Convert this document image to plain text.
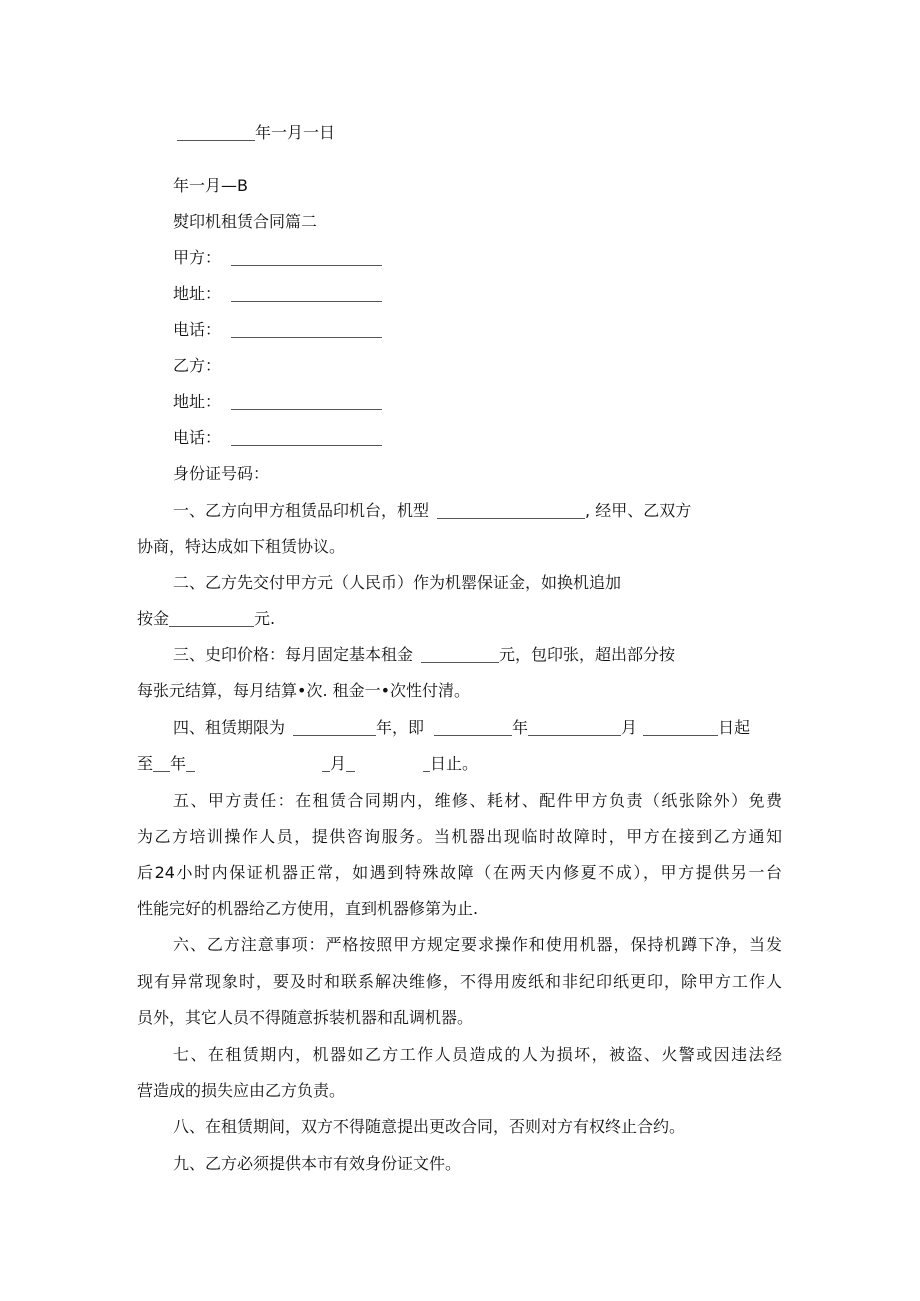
年一月一日
年一月—B
熨印机租赁合同篇二
甲方：
地址：
电话：
乙方：
地址：
电话：
身份证号码：
一、乙方向甲方租赁品印机台，机型	, 经甲、乙双方
协商，特达成如下租赁协议。
二、乙方先交付甲方元（人民币）作为机罂保证金，如换机追加
按金	元.
三、史印价格：每月固定基本租金	元，包印张，超出部分按
每张元结算，每月结算•次. 租金一•次性付清。
四、租赁期限为	年，即	年	月	日起
至 年	月	日止。
五、甲方责任：在租赁合同期内，维修、耗材、配件甲方负责（纸张除外）免费
为乙方培训操作人员，提供咨询服务。当机器出现临时故障时，甲方在接到乙方通知
后24小时内保证机器正常，如遇到特殊故障（在两天内修夏不成），甲方提供另一台
性能完好的机器给乙方使用，直到机器修第为止.
六、乙方注意事项：严格按照甲方规定要求操作和使用机器，保持机蹲下净，当发
现有异常现象时，要及时和联系解决维修，不得用废纸和非纪印纸更印，除甲方工作人
员外，其它人员不得随意拆装机器和乱调机器。
七、在租赁期内，机器如乙方工作人员造成的人为损坏，被盗、火警或因违法经
营造成的损失应由乙方负责。
八、在租赁期间，双方不得随意提出更改合同，否则对方有权终止合约。
九、乙方必须提供本市有效身份证文件。
